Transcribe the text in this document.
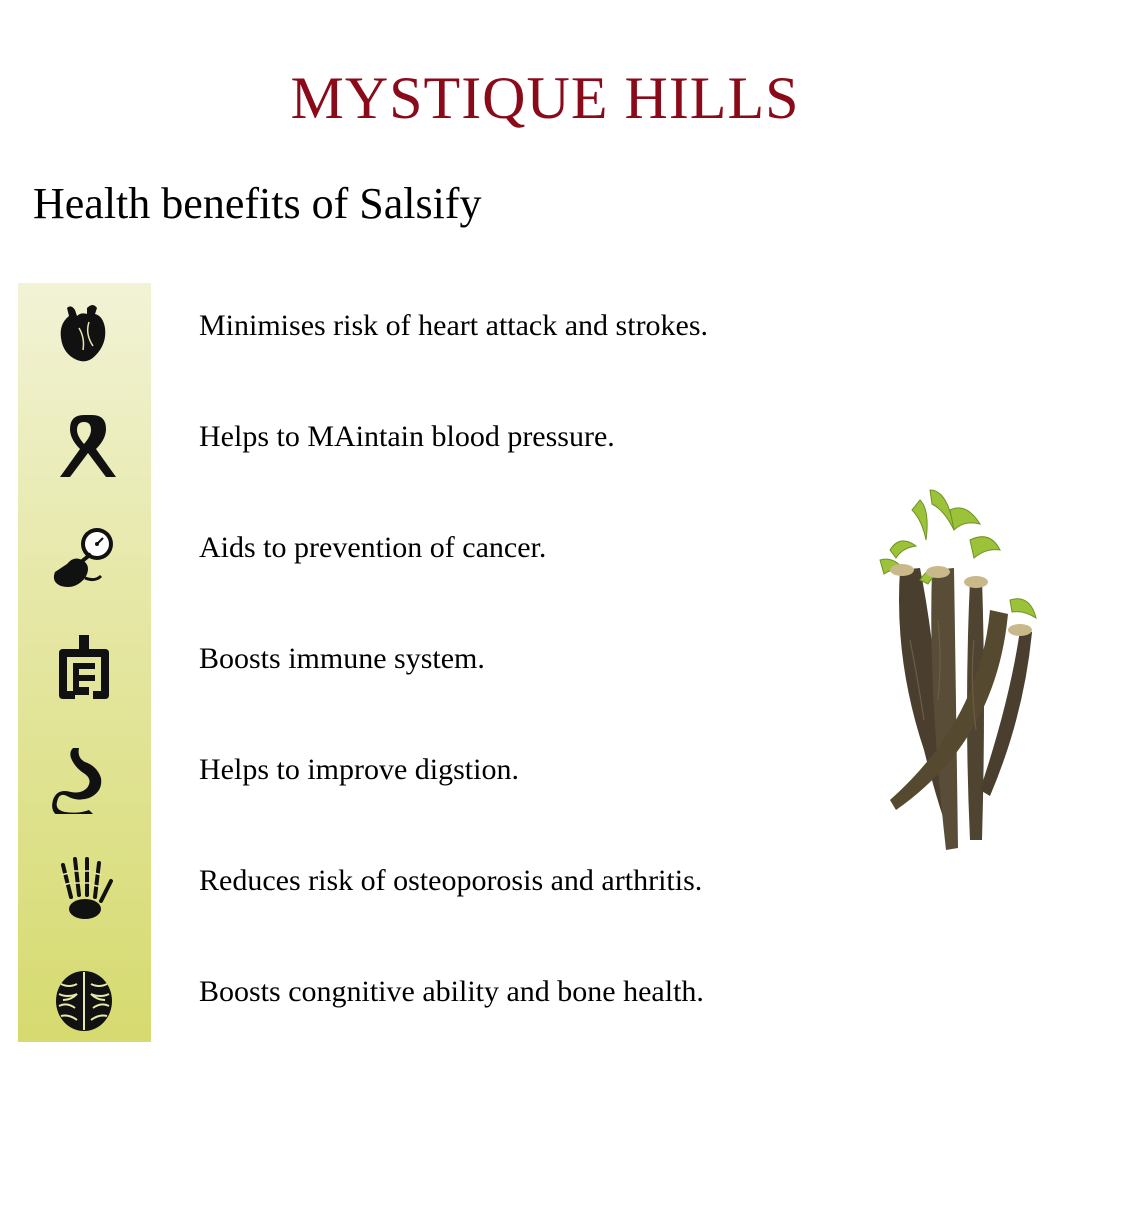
MYSTIQUE HILLS
Health benefits of Salsify
Minimises risk of heart attack and strokes.
Helps to MAintain blood pressure.
Aids to prevention of cancer.
Boosts immune system.
Helps to improve digstion.
Reduces risk of osteoporosis and arthritis.
Boosts congnitive ability and bone health.
